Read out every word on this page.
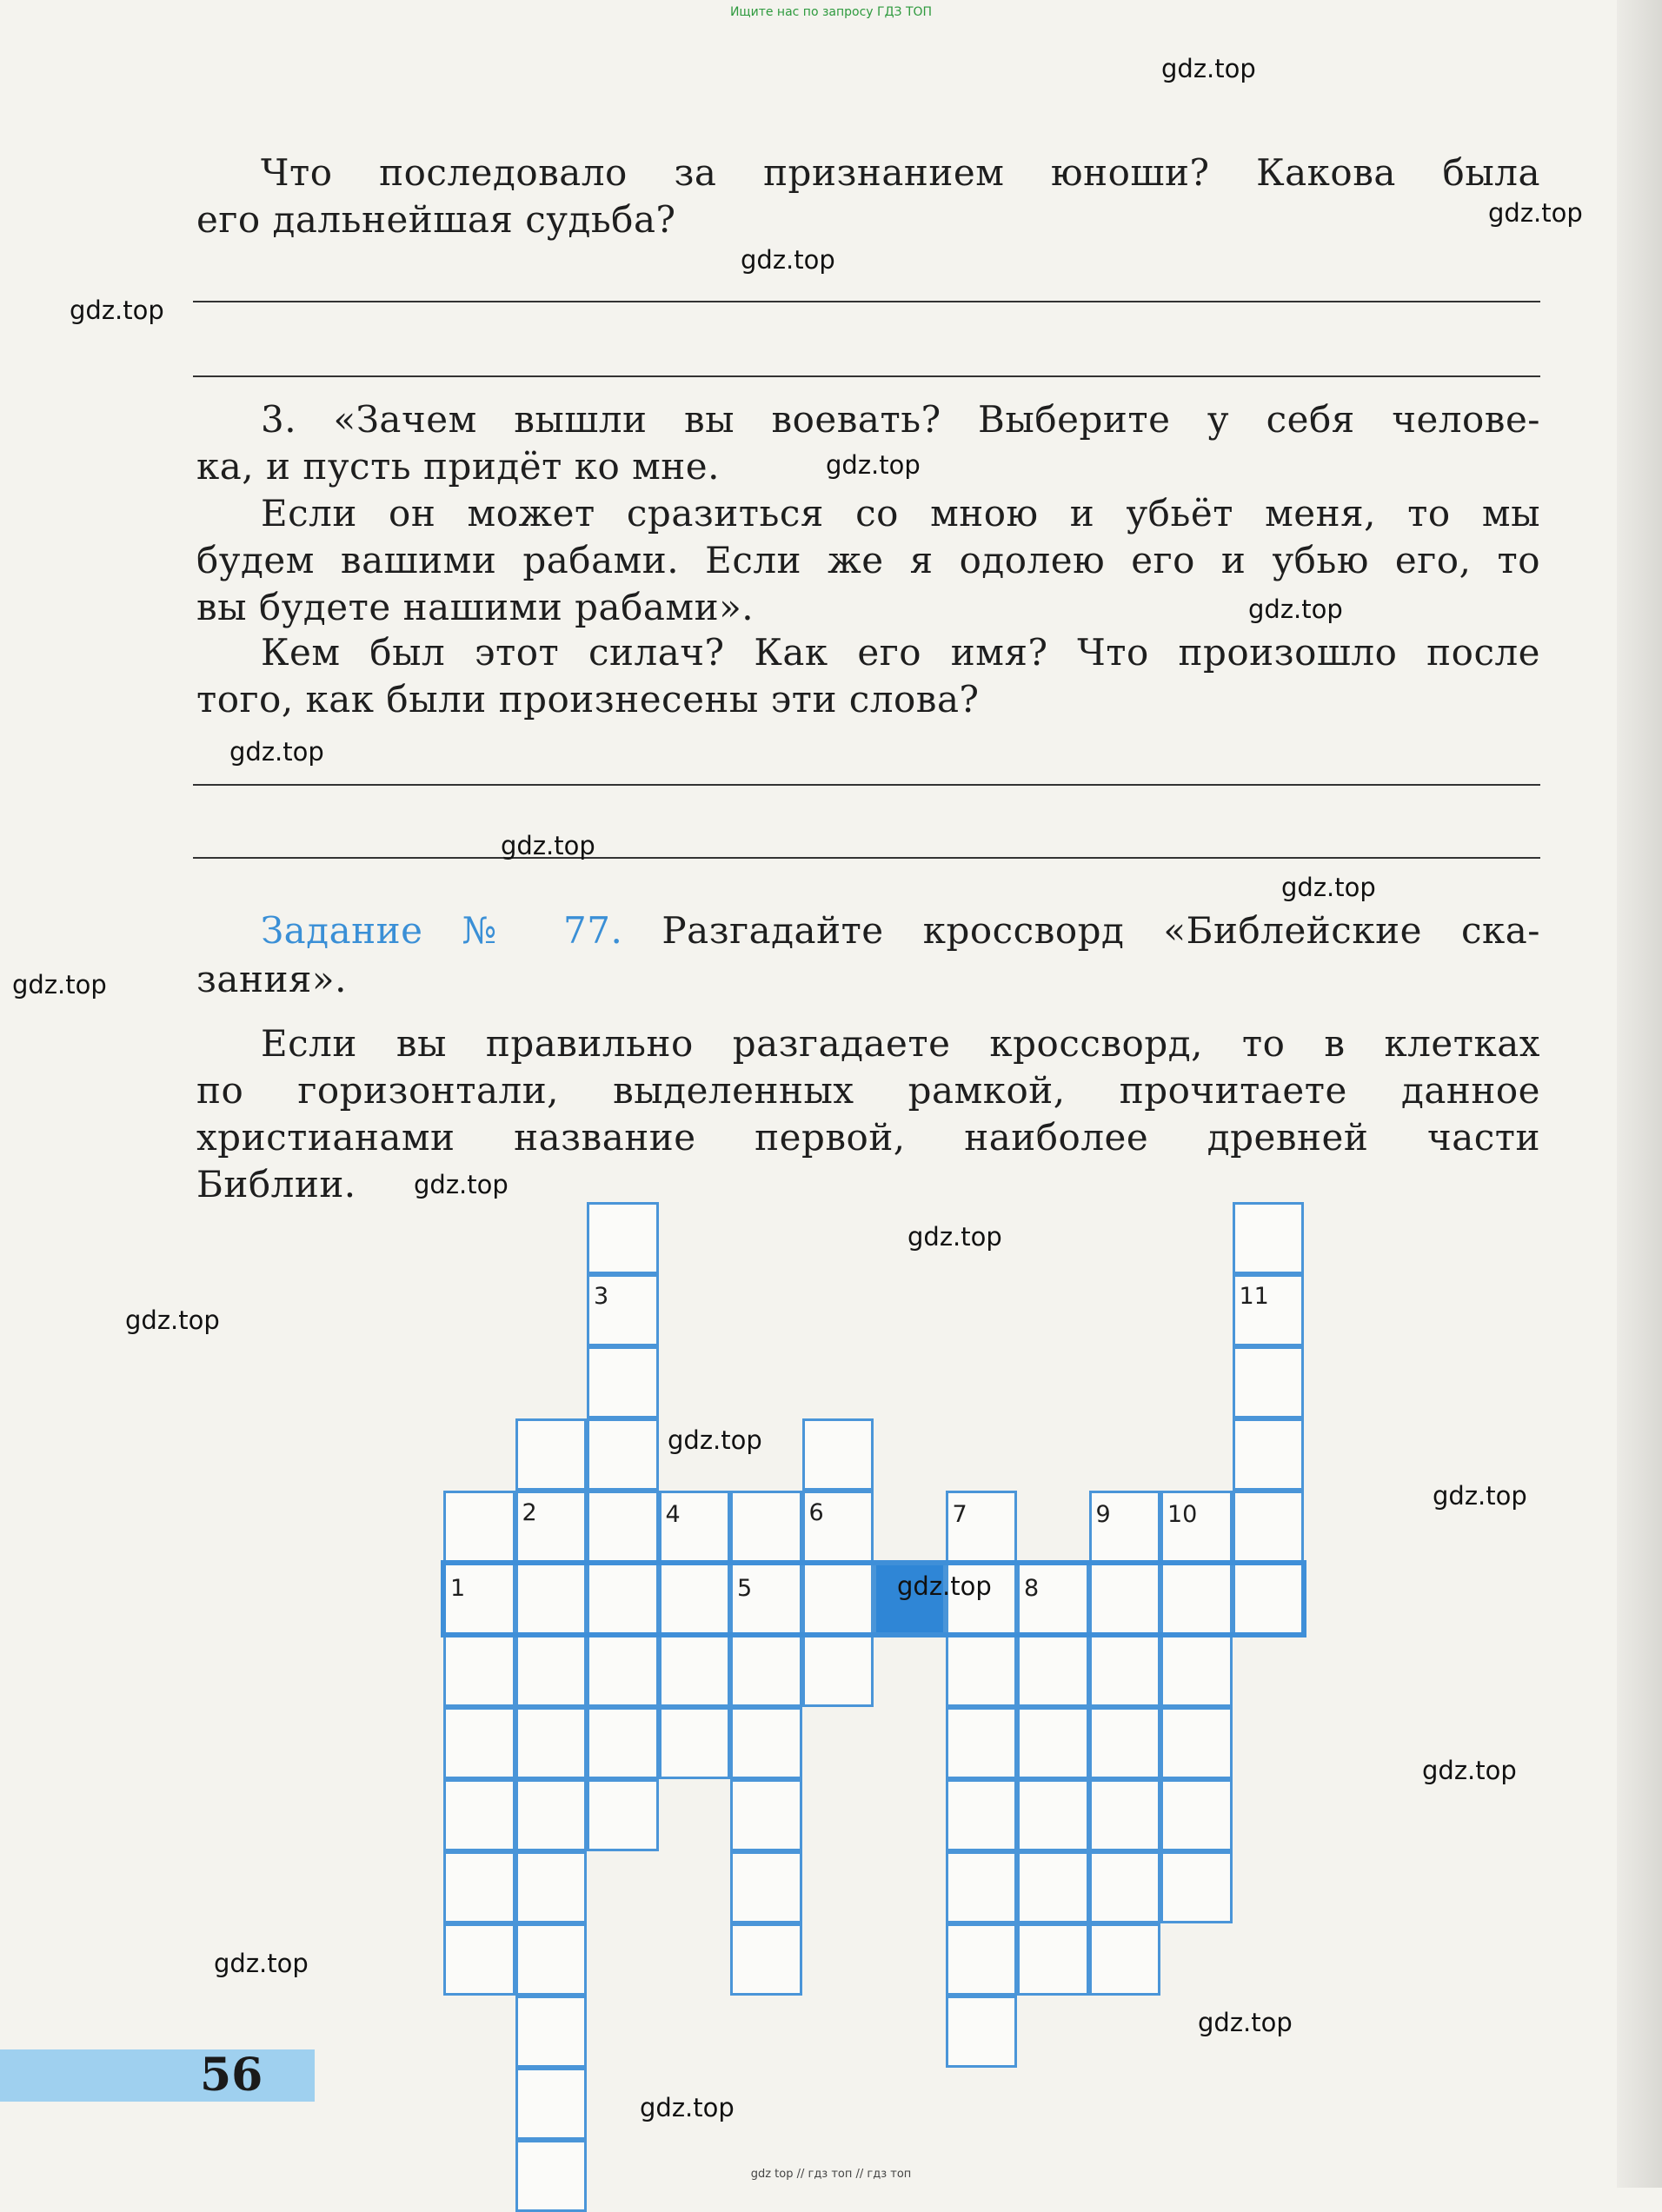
Ищите нас по запросу ГДЗ ТОП

Что последовало за признанием юноши? Какова была

его дальнейшая судьба?

3. «Зачем вышли вы воевать? Выберите у себя челове-

ка, и пусть придёт ко мне.

Если он может сразиться со мною и убьёт меня, то мы

будем вашими рабами. Если же я одолею его и убью его, то

вы будете нашими рабами».

Кем был этот силач? Как его имя? Что произошло после

того, как были произнесены эти слова?

Задание № 77. Разгадайте кроссворд «Библейские ска-

зания».

Если вы правильно разгадаете кроссворд, то в клетках

по горизонтали, выделенных рамкой, прочитаете данное

христианами название первой, наиболее древней части

Библии.

1
2
3
4
5
6	7
8
9 10
11
56
gdz.top
gdz.top
gdz.top
gdz.top
gdz.top
gdz.top
gdz.top
gdz.top
gdz.top
gdz.top
gdz.top
gdz.top
gdz.top
gdz.top
gdz.top
gdz.top
gdz.top
gdz.top
gdz.top
gdz.top
gdz top // гдз топ // гдз топ
